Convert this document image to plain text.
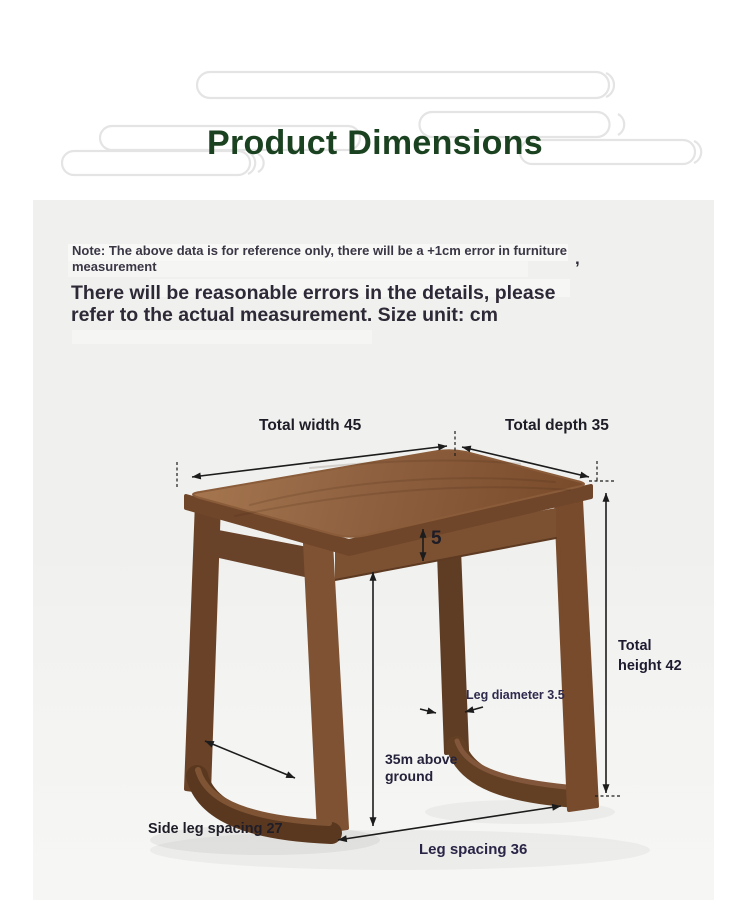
Product Dimensions
Note: The above data is for reference only, there will be a +1cm error in furniture
measurement	,
There will be reasonable errors in the details, please
refer to the actual measurement. Size unit: cm
Total width 45	Total depth 35
5
Total
height 42
Leg diameter 3.5
35m above
ground
Side leg spacing 27
Leg spacing 36
